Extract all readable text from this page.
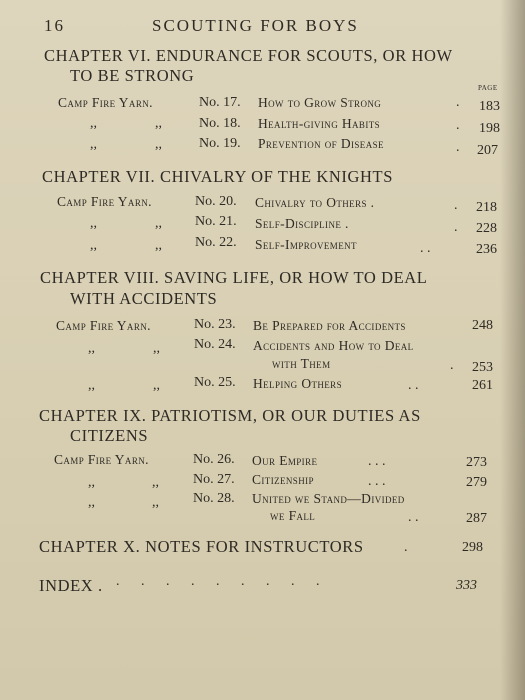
16	SCOUTING FOR BOYS
CHAPTER VI. ENDURANCE FOR SCOUTS, OR HOW
TO BE STRONG
PAGE
Camp Fire Yarn.	No. 17. How to Grow Strong	. 183
,,	,,	No. 18. Health-giving Habits	. 198
,,	,,	No. 19. Prevention of Disease	. 207
CHAPTER VII. CHIVALRY OF THE KNIGHTS
Camp Fire Yarn.	No. 20. Chivalry to Others .	. 218
,,	,, No. 21. Self-Discipline .	. 228
,,	,, No. 22. Self-Improvement	. .	236
CHAPTER VIII. SAVING LIFE, OR HOW TO DEAL
WITH ACCIDENTS
Camp Fire Yarn.	No. 23. Be Prepared for Accidents	248
,,	,, No. 24. Accidents and How to Deal
with Them	. 253
,,	,, No. 25. Helping Others	. .	261
CHAPTER IX. PATRIOTISM, OR OUR DUTIES AS
CITIZENS
Camp Fire Yarn.	No. 26. Our Empire	. . .	273
,,	,, No. 27. Citizenship	. . .	279
,,	,, No. 28. United we Stand—Divided
we Fall	. .	287
CHAPTER X. NOTES FOR INSTRUCTORS	.	298
INDEX . . . . . . . . . .	333
